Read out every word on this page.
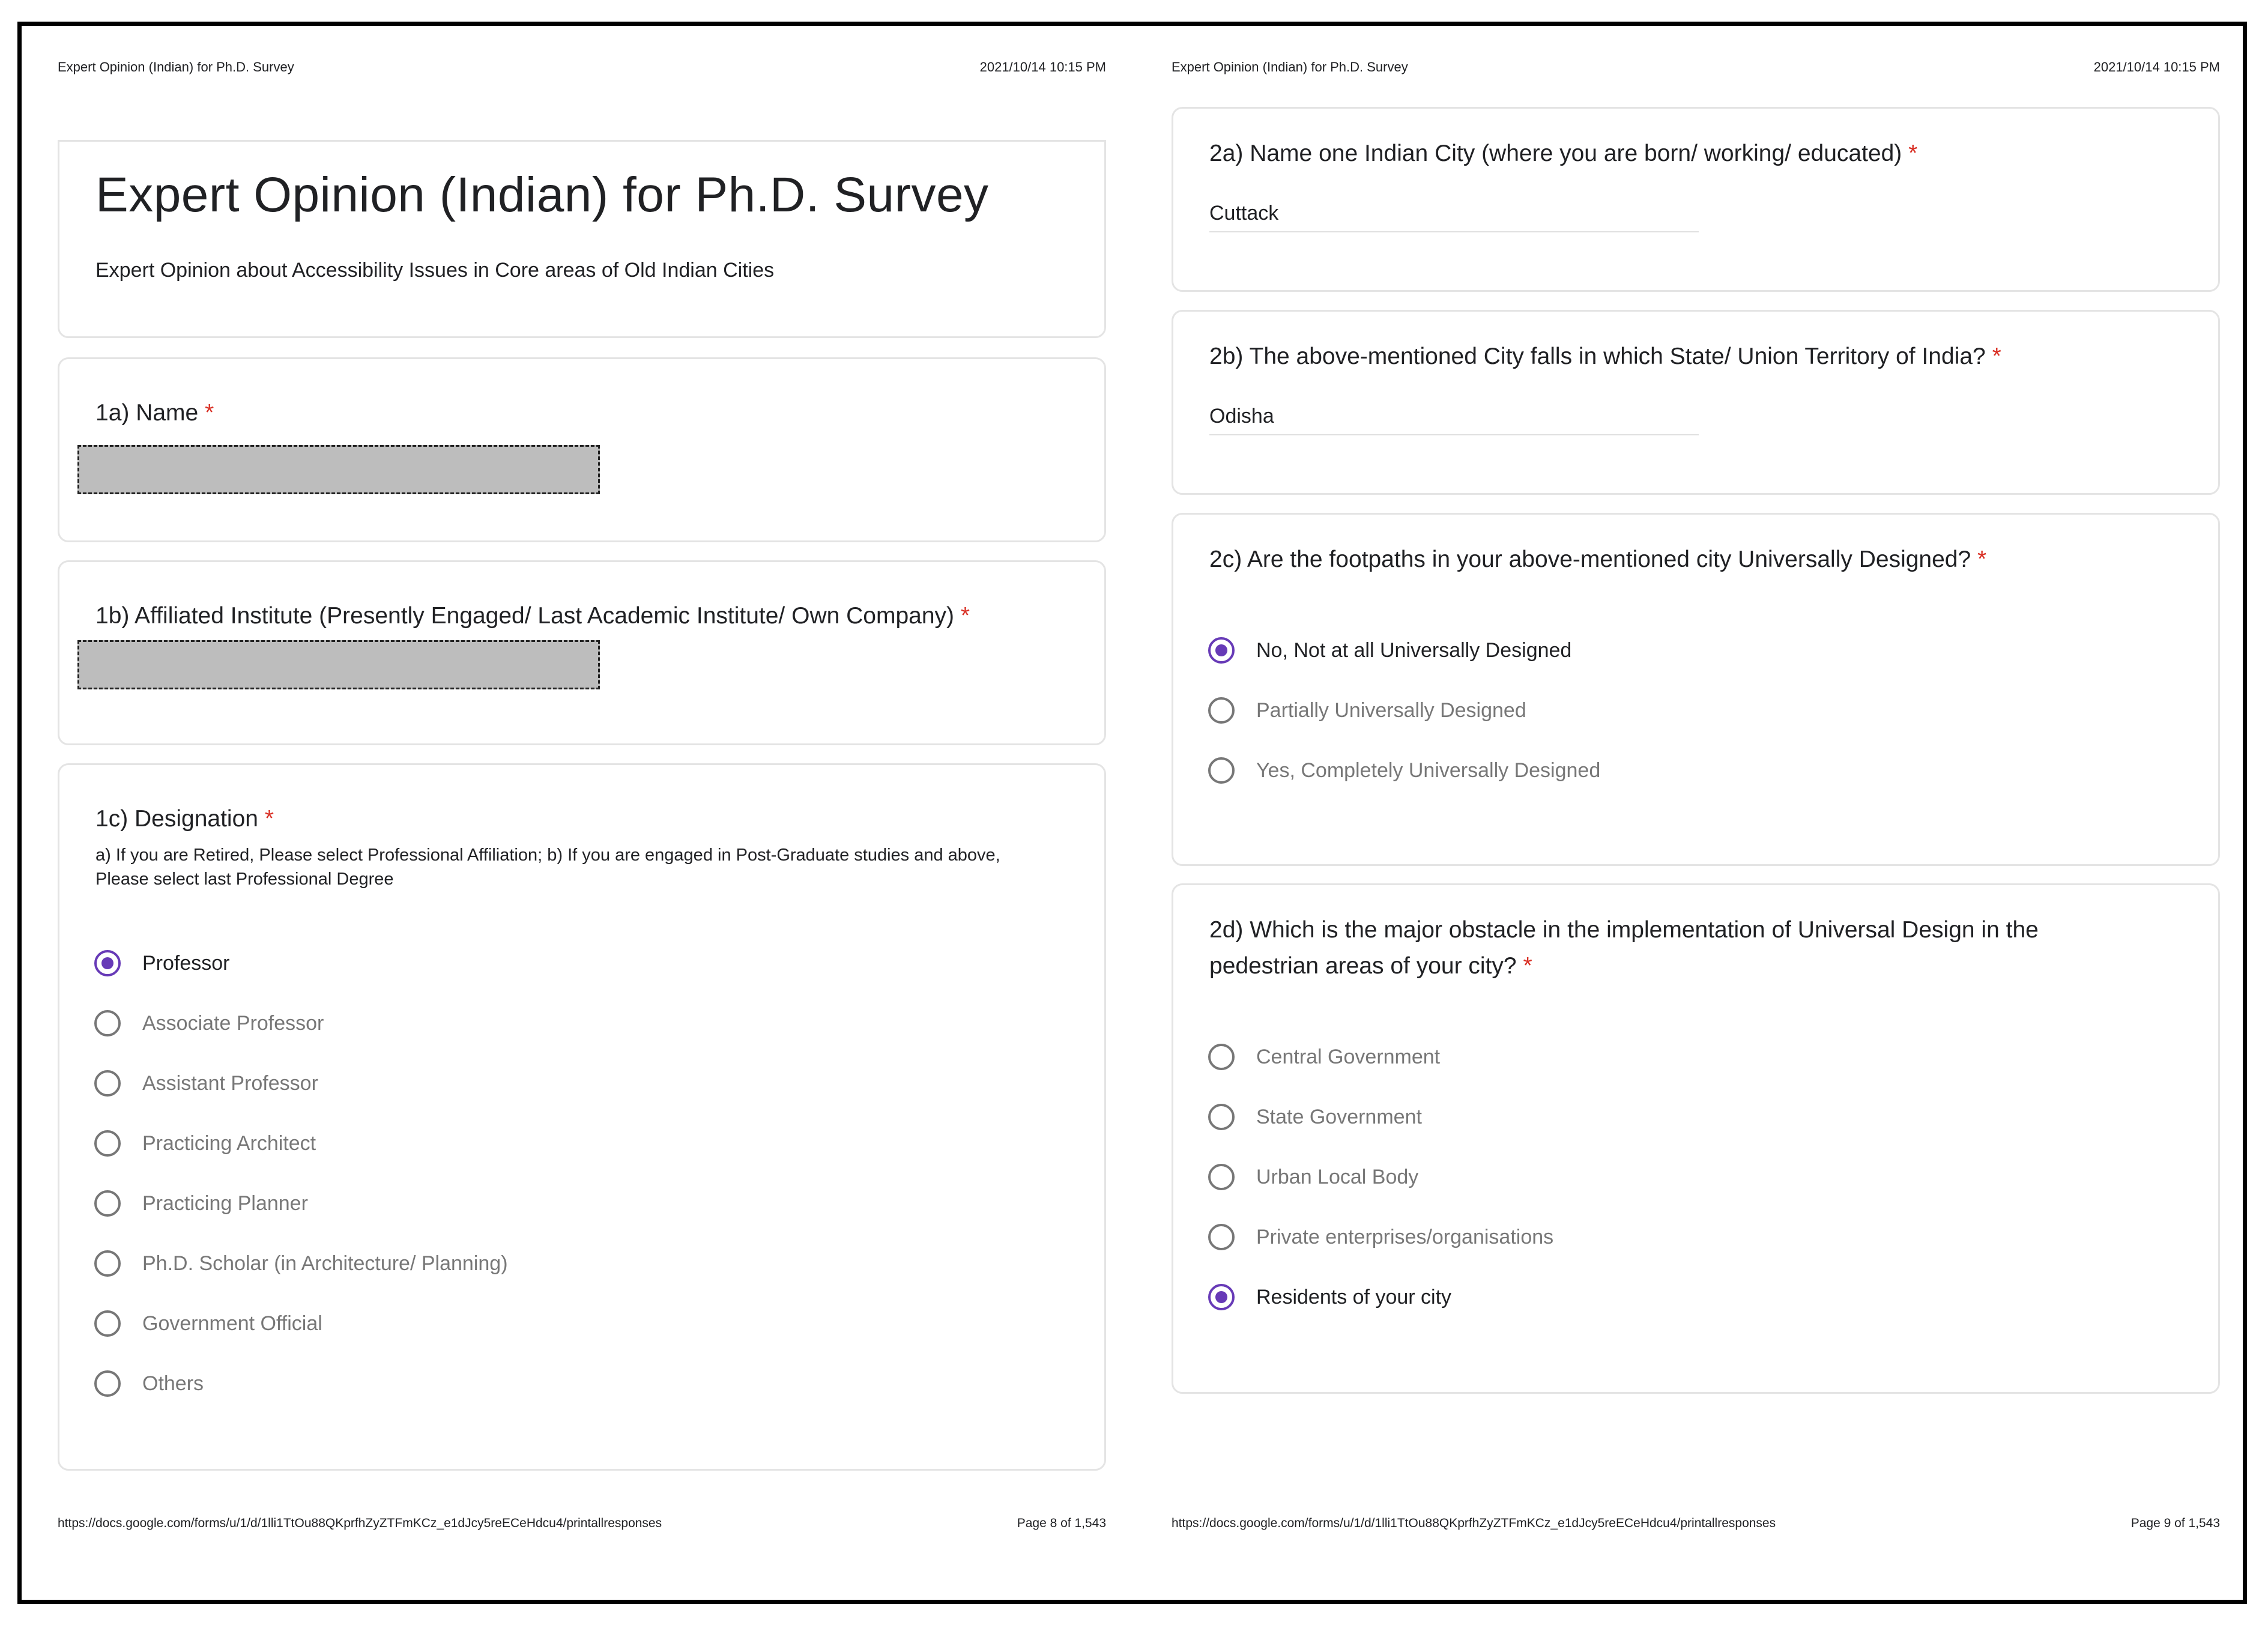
Expert Opinion (Indian) for Ph.D. Survey	2021/10/14 10:15 PM
Expert Opinion (Indian) for Ph.D. Survey
Expert Opinion about Accessibility Issues in Core areas of Old Indian Cities
1a) Name *
1b) Affiliated Institute (Presently Engaged/ Last Academic Institute/ Own Company) *
1c) Designation *
a) If you are Retired, Please select Professional Affiliation; b) If you are engaged in Post-Graduate studies and above, Please select last Professional Degree
Professor
Associate Professor
Assistant Professor
Practicing Architect
Practicing Planner
Ph.D. Scholar (in Architecture/ Planning)
Government Official
Others
https://docs.google.com/forms/u/1/d/1lli1TtOu88QKprfhZyZTFmKCz_e1dJcy5reECeHdcu4/printallresponses	Page 8 of 1,543
Expert Opinion (Indian) for Ph.D. Survey	2021/10/14 10:15 PM
2a) Name one Indian City (where you are born/ working/ educated) *
Cuttack
2b) The above-mentioned City falls in which State/ Union Territory of India? *
Odisha
2c) Are the footpaths in your above-mentioned city Universally Designed? *
No, Not at all Universally Designed
Partially Universally Designed
Yes, Completely Universally Designed
2d) Which is the major obstacle in the implementation of Universal Design in the
pedestrian areas of your city? *
Central Government
State Government
Urban Local Body
Private enterprises/organisations
Residents of your city
https://docs.google.com/forms/u/1/d/1lli1TtOu88QKprfhZyZTFmKCz_e1dJcy5reECeHdcu4/printallresponses	Page 9 of 1,543
